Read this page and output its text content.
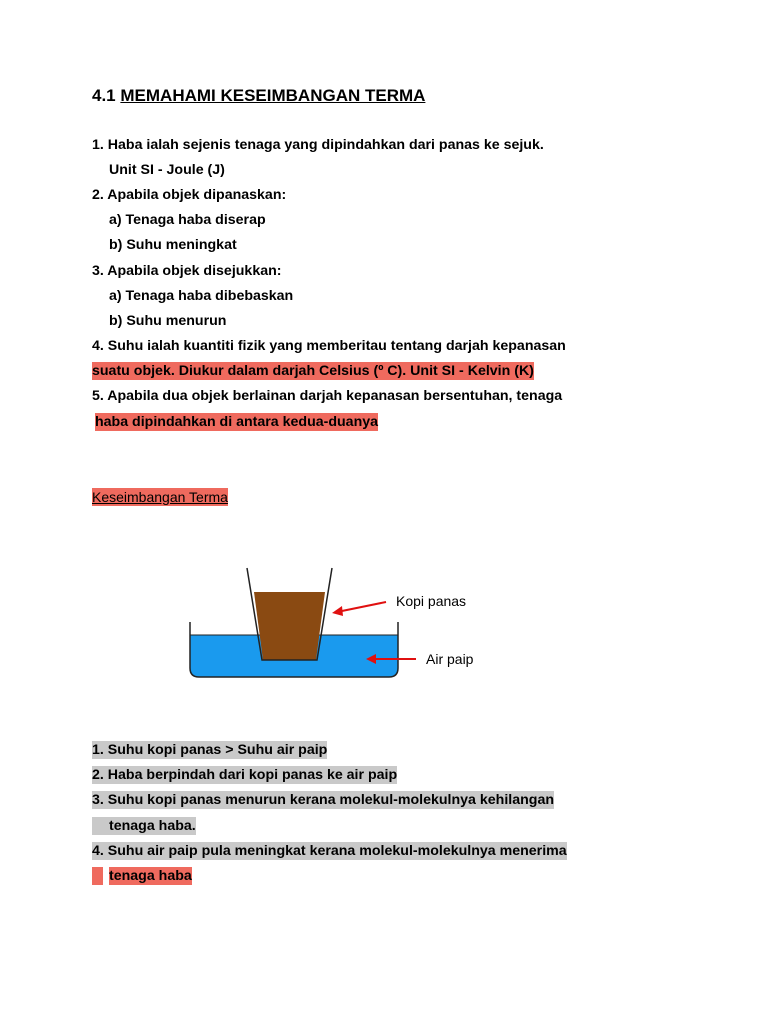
4.1 MEMAHAMI KESEIMBANGAN TERMA
1. Haba ialah sejenis tenaga yang dipindahkan dari panas ke sejuk.
Unit SI - Joule (J)
2. Apabila objek dipanaskan:
a) Tenaga haba diserap
b) Suhu meningkat
3. Apabila objek disejukkan:
a) Tenaga haba dibebaskan
b) Suhu menurun
4. Suhu ialah kuantiti fizik yang memberitau tentang darjah kepanasan
suatu objek. Diukur dalam darjah Celsius (º C). Unit SI - Kelvin (K)
5. Apabila dua objek berlainan darjah kepanasan bersentuhan, tenaga
haba dipindahkan di antara kedua-duanya
Keseimbangan Terma
Kopi panas
Air paip
1. Suhu kopi panas > Suhu air paip
2. Haba berpindah dari kopi panas ke air paip
3. Suhu kopi panas menurun kerana molekul-molekulnya kehilangan
tenaga haba.
4. Suhu air paip pula meningkat kerana molekul-molekulnya menerima
tenaga haba
